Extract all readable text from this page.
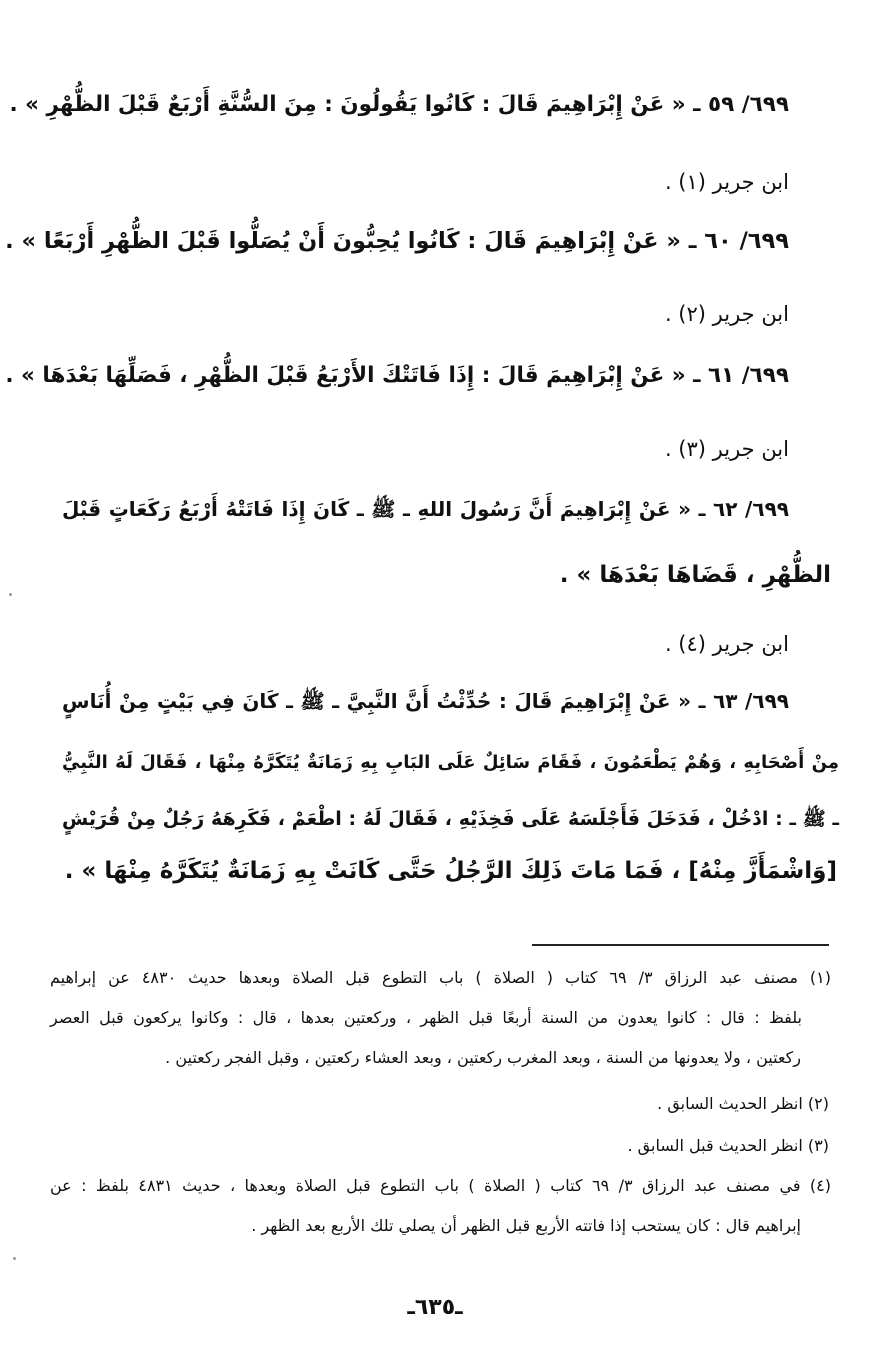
٦٩٩/ ٥٩ ـ « عَنْ إِبْرَاهِيمَ قَالَ : كَانُوا يَقُولُونَ : مِنَ السُّنَّةِ أَرْبَعٌ قَبْلَ الظُّهْرِ » .
ابن جرير (١) .
٦٩٩/ ٦٠ ـ « عَنْ إِبْرَاهِيمَ قَالَ : كَانُوا يُحِبُّونَ أَنْ يُصَلُّوا قَبْلَ الظُّهْرِ أَرْبَعًا » .
ابن جرير (٢) .
٦٩٩/ ٦١ ـ « عَنْ إِبْرَاهِيمَ قَالَ : إِذَا فَاتَتْكَ الأَرْبَعُ قَبْلَ الظُّهْرِ ، فَصَلِّهَا بَعْدَهَا » .
ابن جرير (٣) .
٦٩٩/ ٦٢ ـ « عَنْ إِبْرَاهِيمَ أَنَّ رَسُولَ اللهِ ـ ﷺ ـ كَانَ إِذَا فَاتَتْهُ أَرْبَعُ رَكَعَاتٍ قَبْلَ
الظُّهْرِ ، قَضَاهَا بَعْدَهَا » .
ابن جرير (٤) .
٦٩٩/ ٦٣ ـ « عَنْ إِبْرَاهِيمَ قَالَ : حُدِّثْتُ أَنَّ النَّبِيَّ ـ ﷺ ـ كَانَ فِي بَيْتٍ مِنْ أُنَاسٍ
مِنْ أَصْحَابِهِ ، وَهُمْ يَطْعَمُونَ ، فَقَامَ سَائِلٌ عَلَى البَابِ بِهِ زَمَانَةٌ يُتَكَرَّهُ مِنْهَا ، فَقَالَ لَهُ النَّبِيُّ
ـ ﷺ ـ : ادْخُلْ ، فَدَخَلَ فَأَجْلَسَهُ عَلَى فَخِذَيْهِ ، فَقَالَ لَهُ : اطْعَمْ ، فَكَرِهَهُ رَجُلٌ مِنْ قُرَيْشٍ
[وَاشْمَأَزَّ مِنْهُ] ، فَمَا مَاتَ ذَلِكَ الرَّجُلُ حَتَّى كَانَتْ بِهِ زَمَانَةٌ يُتَكَرَّهُ مِنْهَا » .
(١) مصنف عبد الرزاق ٣/ ٦٩ كتاب ( الصلاة ) باب التطوع قبل الصلاة وبعدها حديث ٤٨٣٠ عن إبراهيم
بلفظ : قال : كانوا يعدون من السنة أربعًا قبل الظهر ، وركعتين بعدها ، قال : وكانوا يركعون قبل العصر
ركعتين ، ولا يعدونها من السنة ، وبعد المغرب ركعتين ، وبعد العشاء ركعتين ، وقبل الفجر ركعتين .
(٢) انظر الحديث السابق .
(٣) انظر الحديث قبل السابق .
(٤) في مصنف عبد الرزاق ٣/ ٦٩ كتاب ( الصلاة ) باب التطوع قبل الصلاة وبعدها ، حديث ٤٨٣١ بلفظ : عن
إبراهيم قال : كان يستحب إذا فاتته الأربع قبل الظهر أن يصلي تلك الأربع بعد الظهر .
ـ٦٣٥ـ
